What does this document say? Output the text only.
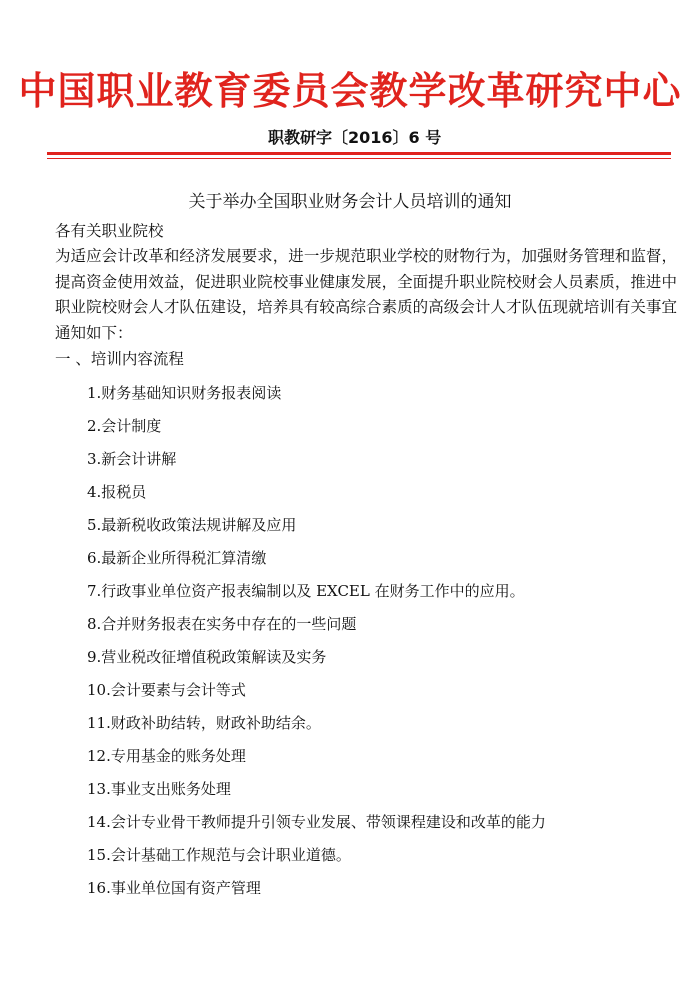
中国职业教育委员会教学改革研究中心
职教研字〔2016〕6 号
关于举办全国职业财务会计人员培训的通知
各有关职业院校
为适应会计改革和经济发展要求，进一步规范职业学校的财物行为，加强财务管理和监督，提高资金使用效益，促进职业院校事业健康发展，全面提升职业院校财会人员素质，推进中职业院校财会人才队伍建设，培养具有较高综合素质的高级会计人才队伍现就培训有关事宜通知如下：
一 、培训内容流程
1.财务基础知识财务报表阅读
2.会计制度
3.新会计讲解
4.报税员
5.最新税收政策法规讲解及应用
6.最新企业所得税汇算清缴
7.行政事业单位资产报表编制以及 EXCEL 在财务工作中的应用。
8.合并财务报表在实务中存在的一些问题
9.营业税改征增值税政策解读及实务
10.会计要素与会计等式
11.财政补助结转，财政补助结余。
12.专用基金的账务处理
13.事业支出账务处理
14.会计专业骨干教师提升引领专业发展、带领课程建设和改革的能力
15.会计基础工作规范与会计职业道德。
16.事业单位国有资产管理
